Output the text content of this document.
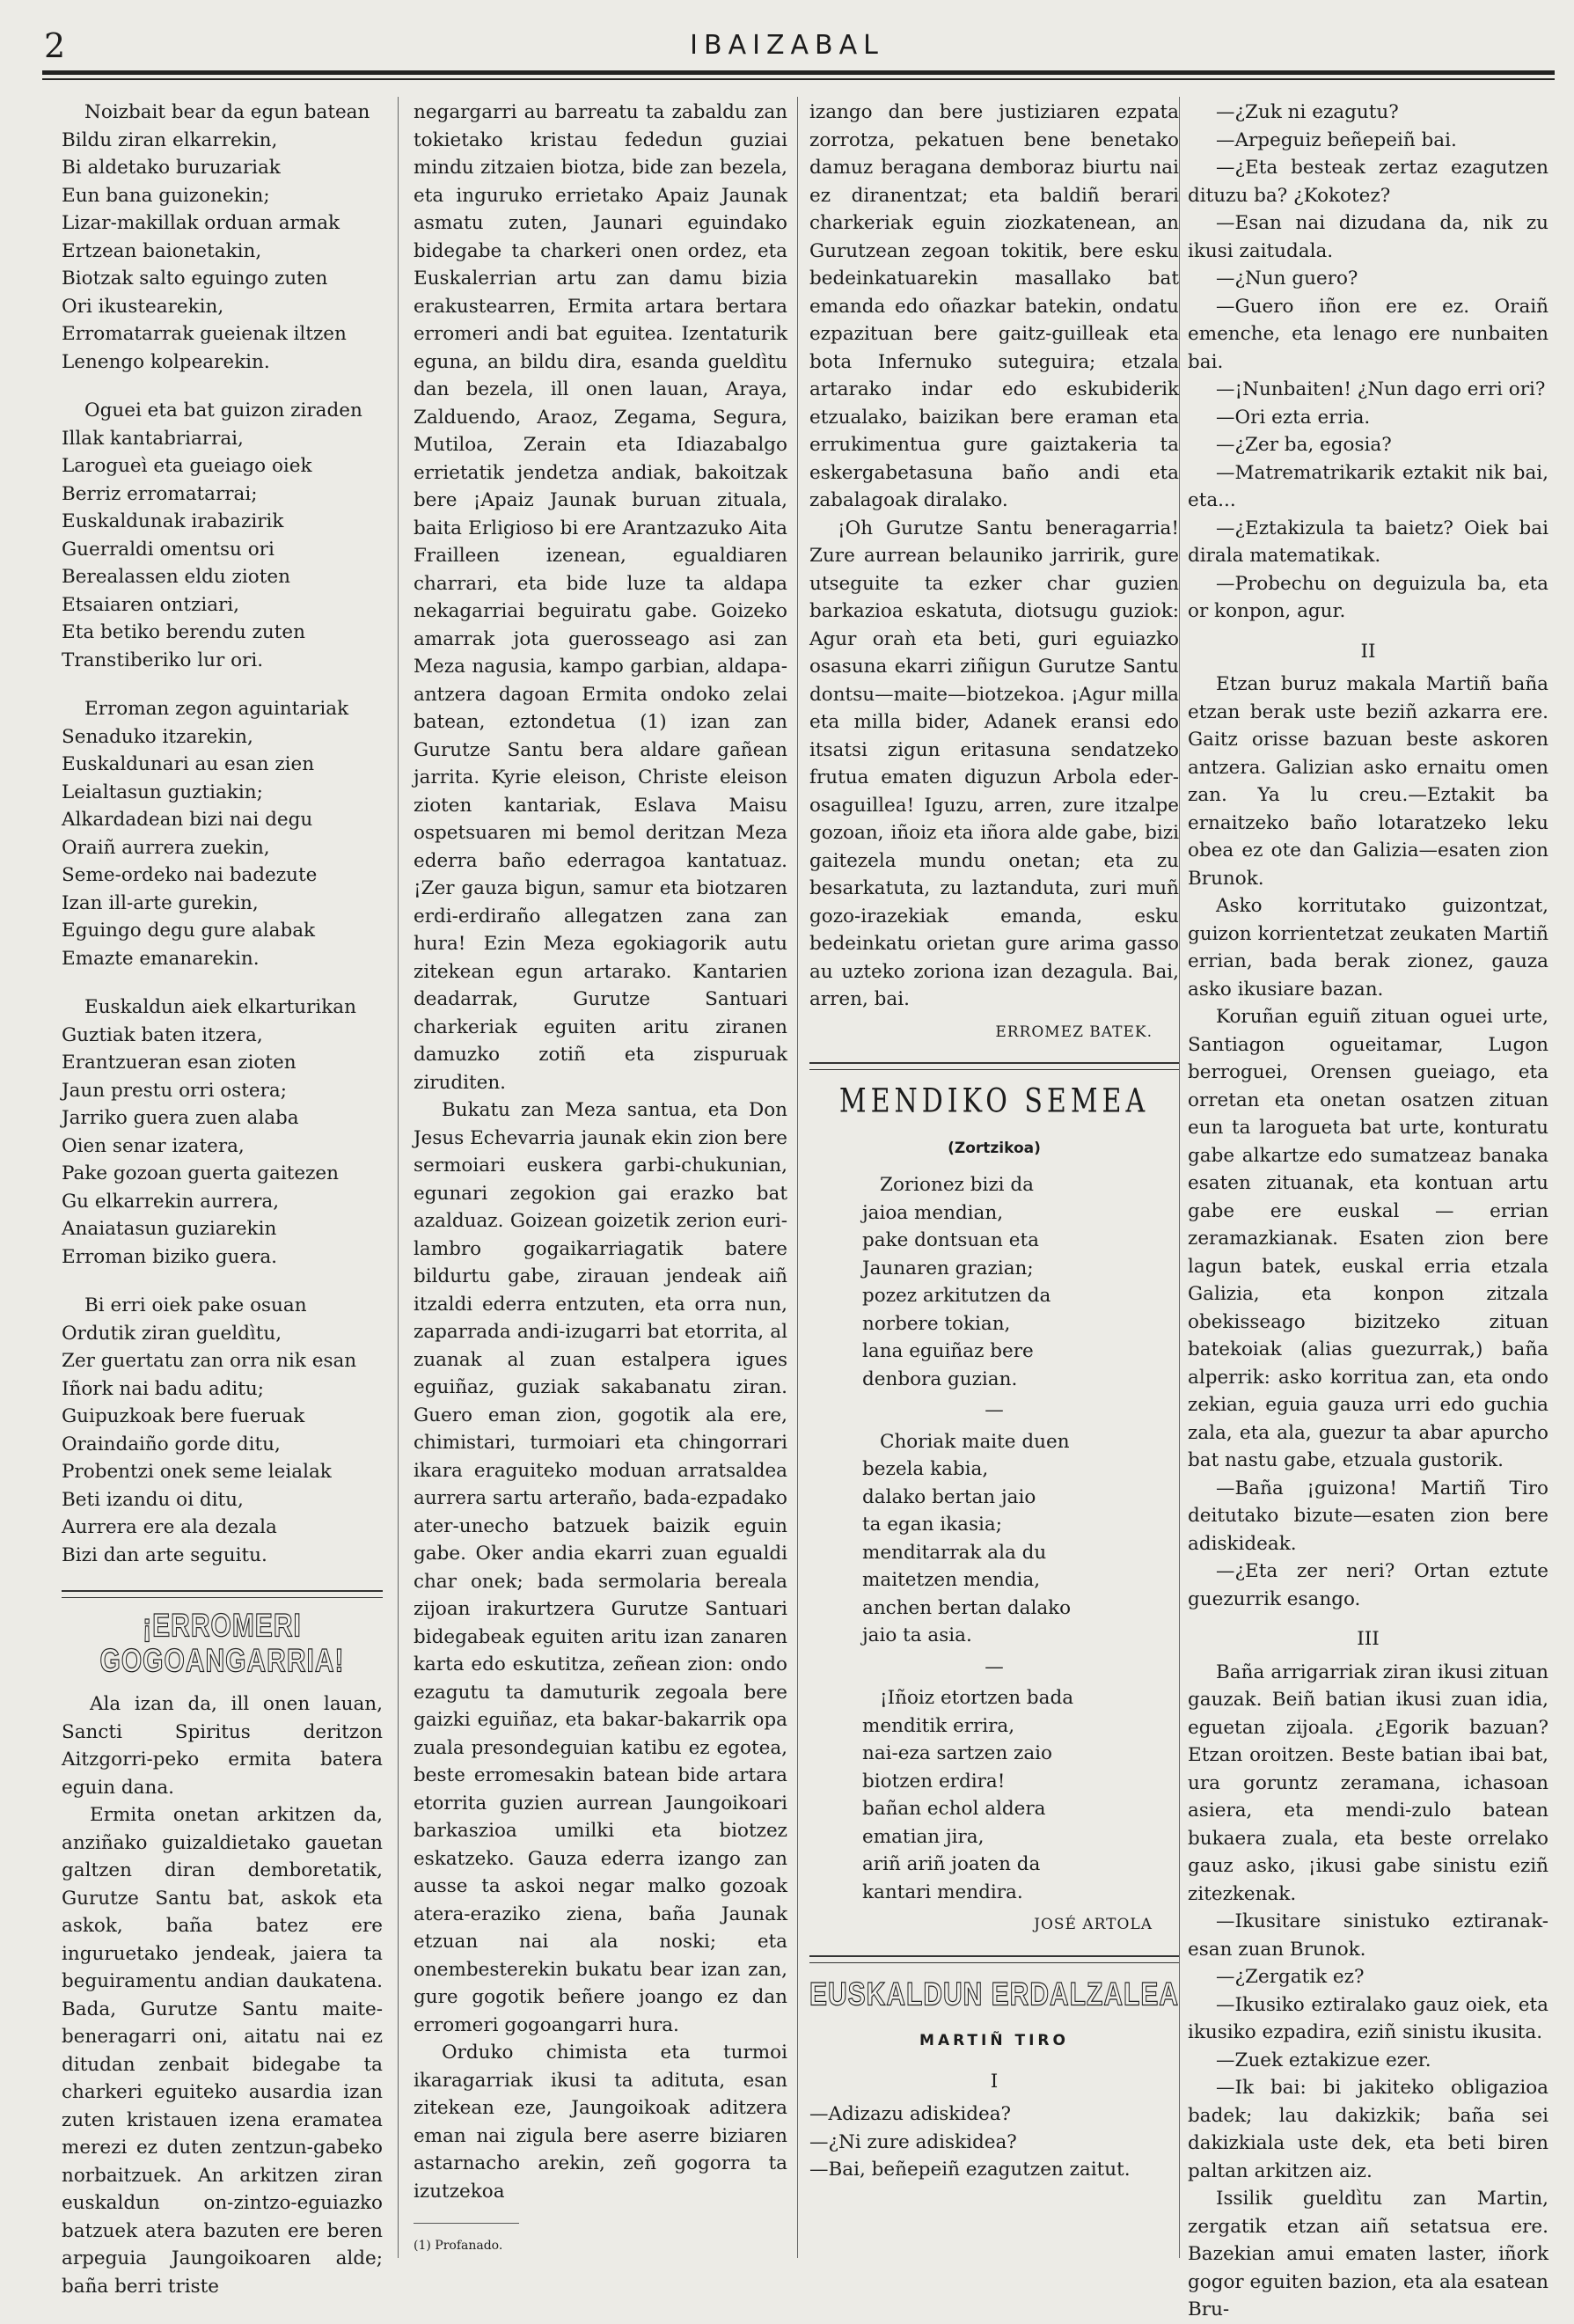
2	IBAIZABAL
Noizbait bear da egun batean
Bildu ziran elkarrekin,
Bi aldetako buruzariak
Eun bana guizonekin;
Lizar-makillak orduan armak
Ertzean baionetakin,
Biotzak salto eguingo zuten
Ori ikustearekin,
Erromatarrak gueienak iltzen
Lenengo kolpearekin.
Oguei eta bat guizon ziraden
Illak kantabriarrai,
Larogueì eta gueiago oiek
Berriz erromatarrai;
Euskaldunak irabazirik
Guerraldi omentsu ori
Berealassen eldu zioten
Etsaiaren ontziari,
Eta betiko berendu zuten
Transtiberiko lur ori.
Erroman zegon aguintariak
Senaduko itzarekin,
Euskaldunari au esan zien
Leialtasun guztiakin;
Alkardadean bizi nai degu
Oraiñ aurrera zuekin,
Seme-ordeko nai badezute
Izan ill-arte gurekin,
Eguingo degu gure alabak
Emazte emanarekin.
Euskaldun aiek elkarturikan
Guztiak baten itzera,
Erantzueran esan zioten
Jaun prestu orri ostera;
Jarriko guera zuen alaba
Oien senar izatera,
Pake gozoan guerta gaitezen
Gu elkarrekin aurrera,
Anaiatasun guziarekin
Erroman biziko guera.
Bi erri oiek pake osuan
Ordutik ziran gueldìtu,
Zer guertatu zan orra nik esan
Iñork nai badu aditu;
Guipuzkoak bere fueruak
Oraindaiño gorde ditu,
Probentzi onek seme leialak
Beti izandu oi ditu,
Aurrera ere ala dezala
Bizi dan arte seguitu.
¡ERROMERI GOGOANGARRIA!

Ala izan da, ill onen lauan, Sancti Spiritus deritzon Aitzgorri-peko ermita batera eguin dana.

Ermita onetan arkitzen da, anziñako guizaldietako gauetan galtzen diran demboretatik, Gurutze Santu bat, askok eta askok, baña batez ere inguruetako jendeak, jaiera ta beguiramentu andian daukatena. Bada, Gurutze Santu maite-beneragarri oni, aitatu nai ez ditudan zenbait bidegabe ta charkeri eguiteko ausardia izan zuten kristauen izena eramatea merezi ez duten zentzun-gabeko norbaitzuek. An arkitzen ziran euskaldun on-zintzo-eguiazko batzuek atera bazuten ere beren arpeguia Jaungoikoaren alde; baña berri triste

negargarri au barreatu ta zabaldu zan tokietako kristau fededun guziai mindu zitzaien biotza, bide zan bezela, eta inguruko errietako Apaiz Jaunak asmatu zuten, Jaunari eguindako bidegabe ta charkeri onen ordez, eta Euskalerrian artu zan damu bizia erakustearren, Ermita artara bertara erromeri andi bat eguitea. Izentaturik eguna, an bildu dira, esanda gueldìtu dan bezela, ill onen lauan, Araya, Zalduendo, Araoz, Zegama, Segura, Mutiloa, Zerain eta Idiazabalgo errietatik jendetza andiak, bakoitzak bere ¡Apaiz Jaunak buruan zituala, baita Erligioso bi ere Arantzazuko Aita Frailleen izenean, egualdiaren charrari, eta bide luze ta aldapa nekagarriai beguiratu gabe. Goizeko amarrak jota guerosseago asi zan Meza nagusia, kampo garbian, aldapa-antzera dagoan Ermita ondoko zelai batean, eztondetua (1) izan zan Gurutze Santu bera aldare gañean jarrita. Kyrie eleison, Christe eleison zioten kantariak, Eslava Maisu ospetsuaren mi bemol deritzan Meza ederra baño ederragoa kantatuaz. ¡Zer gauza bigun, samur eta biotzaren erdi-erdiraño allegatzen zana zan hura! Ezin Meza egokiagorik autu zitekean egun artarako. Kantarien deadarrak, Gurutze Santuari charkeriak eguiten aritu ziranen damuzko zotiñ eta zispuruak ziruditen.

Bukatu zan Meza santua, eta Don Jesus Echevarria jaunak ekin zion bere sermoiari euskera garbi-chukunian, egunari zegokion gai erazko bat azalduaz. Goizean goizetik zerion euri-lambro gogaikarriagatik batere bildurtu gabe, zirauan jendeak aiñ itzaldi ederra entzuten, eta orra nun, zaparrada andi-izugarri bat etorrita, al zuanak al zuan estalpera igues eguiñaz, guziak sakabanatu ziran. Guero eman zion, gogotik ala ere, chimistari, turmoiari eta chingorrari ikara eraguiteko moduan arratsaldea aurrera sartu arteraño, bada-ezpadako ater-unecho batzuek baizik eguin gabe. Oker andia ekarri zuan egualdi char onek; bada sermolaria bereala zijoan irakurtzera Gurutze Santuari bidegabeak eguiten aritu izan zanaren karta edo eskutitza, zeñean zion: ondo ezagutu ta damuturik zegoala bere gaizki eguiñaz, eta bakar-bakarrik opa zuala presondeguian katibu ez egotea, beste erromesakin batean bide artara etorrita guzien aurrean Jaungoikoari barkaszioa umilki eta biotzez eskatzeko. Gauza ederra izango zan ausse ta askoi negar malko gozoak atera-eraziko ziena, baña Jaunak etzuan nai ala noski; eta onembesterekin bukatu bear izan zan, gure gogotik beñere joango ez dan erromeri gogoangarri hura.

Orduko chimista eta turmoi ikaragarriak ikusi ta adituta, esan zitekean eze, Jaungoikoak aditzera eman nai zigula bere aserre biziaren astarnacho arekin, zeñ gogorra ta izutzekoa

(1) Profanado.

izango dan bere justiziaren ezpata zorrotza, pekatuen bene benetako damuz beragana demboraz biurtu nai ez diranentzat; eta baldiñ berari charkeriak eguin ziozkatenean, an Gurutzean zegoan tokitik, bere esku bedeinkatuarekin masallako bat emanda edo oñazkar batekin, ondatu ezpazituan bere gaitz-guilleak eta bota Infernuko suteguira; etzala artarako indar edo eskubiderik etzualako, baizikan bere eraman eta errukimentua gure gaiztakeria ta eskergabetasuna baño andi eta zabalagoak diralako.

¡Oh Gurutze Santu beneragarria! Zure aurrean belauniko jarririk, gure utseguite ta ezker char guzien barkazioa eskatuta, diotsugu guziok: Agur oraǹ eta beti, guri eguiazko osasuna ekarri ziñigun Gurutze Santu dontsu—maite—biotzekoa. ¡Agur milla eta milla bider, Adanek eransi edo itsatsi zigun eritasuna sendatzeko frutua ematen diguzun Arbola eder-osaguillea! Iguzu, arren, zure itzalpe gozoan, iñoiz eta iñora alde gabe, bizi gaitezela mundu onetan; eta zu besarkatuta, zu laztanduta, zuri muñ gozo-irazekiak emanda, esku bedeinkatu orietan gure arima gasso au uzteko zoriona izan dezagula. Bai, arren, bai.

ERROMEZ BATEK.
MENDIKO SEMEA
(Zortzikoa)
Zorionez bizi da
jaioa mendian,
pake dontsuan eta
Jaunaren grazian;
pozez arkitutzen da
norbere tokian,
lana eguiñaz bere
denbora guzian.
—
Choriak maite duen
bezela kabia,
dalako bertan jaio
ta egan ikasia;
menditarrak ala du
maitetzen mendia,
anchen bertan dalako
jaio ta asia.
—
¡Iñoiz etortzen bada
menditik errira,
nai-eza sartzen zaio
biotzen erdira!
bañan echol aldera
ematian jira,
ariñ ariñ joaten da
kantari mendira.
JOSÉ ARTOLA
EUSKALDUN ERDALZALEA
MARTIÑ TIRO
I

—Adizazu adiskidea?

—¿Ni zure adiskidea?

—Bai, beñepeiñ ezagutzen zaitut.

—¿Zuk ni ezagutu?

—Arpeguiz beñepeiñ bai.

—¿Eta besteak zertaz ezagutzen dituzu ba? ¿Kokotez?

—Esan nai dizudana da, nik zu ikusi zaitudala.

—¿Nun guero?

—Guero iñon ere ez. Oraiñ emenche, eta lenago ere nunbaiten bai.

—¡Nunbaiten! ¿Nun dago erri ori?

—Ori ezta erria.

—¿Zer ba, egosia?

—Matrematrikarik eztakit nik bai, eta...

—¿Eztakizula ta baietz? Oiek bai dirala matematikak.

—Probechu on deguizula ba, eta or konpon, agur.

II

Etzan buruz makala Martiñ baña etzan berak uste beziñ azkarra ere. Gaitz orisse bazuan beste askoren antzera. Galizian asko ernaitu omen zan. Ya lu creu.—Eztakit ba ernaitzeko baño lotaratzeko leku obea ez ote dan Galizia—esaten zion Brunok.

Asko korritutako guizontzat, guizon korrientetzat zeukaten Martiñ errian, bada berak zionez, gauza asko ikusiare bazan.

Koruñan eguiñ zituan oguei urte, Santiagon ogueitamar, Lugon berroguei, Orensen gueiago, eta orretan eta onetan osatzen zituan eun ta larogueta bat urte, konturatu gabe alkartze edo sumatzeaz banaka esaten zituanak, eta kontuan artu gabe ere euskal — errian zeramazkianak. Esaten zion bere lagun batek, euskal erria etzala Galizia, eta konpon zitzala obekisseago bizitzeko zituan batekoiak (alias guezurrak,) baña alperrik: asko korritua zan, eta ondo zekian, eguia gauza urri edo guchia zala, eta ala, guezur ta abar apurcho bat nastu gabe, etzuala gustorik.

—Baña ¡guizona! Martiñ Tiro deitutako bizute—esaten zion bere adiskideak.

—¿Eta zer neri? Ortan eztute guezurrik esango.

III

Baña arrigarriak ziran ikusi zituan gauzak. Beiñ batian ikusi zuan idia, eguetan zijoala. ¿Egorik bazuan? Etzan oroitzen. Beste batian ibai bat, ura goruntz zeramana, ichasoan asiera, eta mendi-zulo batean bukaera zuala, eta beste orrelako gauz asko, ¡ikusi gabe sinistu eziñ zitezkenak.

—Ikusitare sinistuko eztiranak-esan zuan Brunok.

—¿Zergatik ez?

—Ikusiko eztiralako gauz oiek, eta ikusiko ezpadira, eziñ sinistu ikusita.

—Zuek eztakizue ezer.

—Ik bai: bi jakiteko obligazioa badek; lau dakizkik; baña sei dakizkiala uste dek, eta beti biren paltan arkitzen aiz.

Issilik gueldìtu zan Martin, zergatik etzan aiñ setatsua ere. Bazekian amui ematen laster, iñork gogor eguiten bazion, eta ala esatean Bru-
